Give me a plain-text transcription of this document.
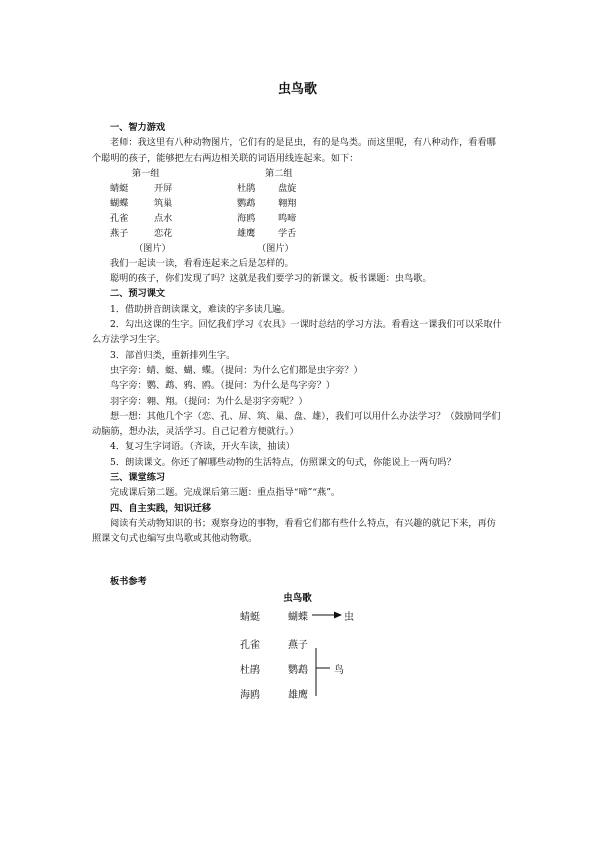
虫鸟歌
一、智力游戏
老师：我这里有八种动物图片，它们有的是昆虫，有的是鸟类。而这里呢，有八种动作，看看哪个聪明的孩子，能够把左右两边相关联的词语用线连起来。如下：
第一组	第二组
蜻蜓	开屏	杜鹃 盘旋
蝴蝶	筑巢	鹦鹉 翱翔
孔雀	点水	海鸥 鸣啼
燕子	恋花	雄鹰 学舌
（图片）	（图片）
我们一起读一读，看看连起来之后是怎样的。
聪明的孩子，你们发现了吗？这就是我们要学习的新课文。板书课题：虫鸟歌。
二、预习课文
1．借助拼音朗读课文，难读的字多读几遍。
2．勾出这课的生字。回忆我们学习《农具》一课时总结的学习方法。看看这一课我们可以采取什么方法学习生字。
3．部首归类，重新排列生字。
虫字旁：蜻、蜓、蝴、蝶。（提问：为什么它们都是虫字旁？）
鸟字旁：鹦、鹉、鸦、鸥。（提问：为什么是鸟字旁？）
羽字旁：翱、翔。（提问：为什么是羽字旁呢？）
想一想：其他几个字（恋、孔、屏、筑、巢、盘、雄），我们可以用什么办法学习？（鼓励同学们动脑筋，想办法，灵活学习。自己记着方便就行。）
4．复习生字词语。（齐读，开火车读，抽读）
5．朗读课文。你还了解哪些动物的生活特点，仿照课文的句式，你能说上一两句吗？
三、课堂练习
完成课后第二题。完成课后第三题：重点指导“啼”“燕”。
四、自主实践，知识迁移
阅读有关动物知识的书；观察身边的事物，看看它们都有些什么特点，有兴趣的就记下来，再仿照课文句式也编写虫鸟歌或其他动物歌。
板书参考
虫鸟歌
蜻蜓	蝴蝶
孔雀	燕子
杜鹃	鹦鹉
海鸥	雄鹰
虫
鸟
